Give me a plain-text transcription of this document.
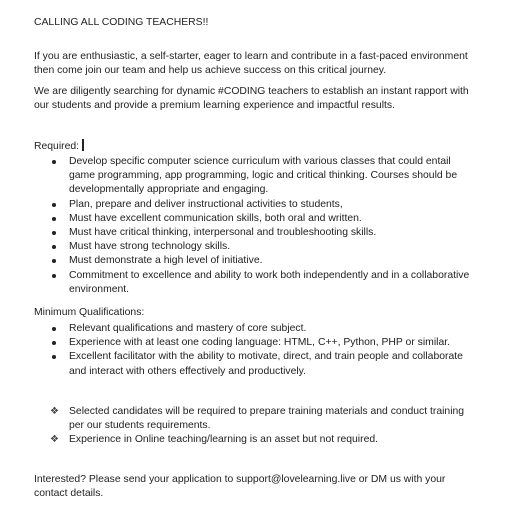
CALLING ALL CODING TEACHERS!!
If you are enthusiastic, a self-starter, eager to learn and contribute in a fast-paced environment then come join our team and help us achieve success on this critical journey.
We are diligently searching for dynamic #CODING teachers to establish an instant rapport with our students and provide a premium learning experience and impactful results.
Required:
Develop specific computer science curriculum with various classes that could entail game programming, app programming, logic and critical thinking. Courses should be developmentally appropriate and engaging.
Plan, prepare and deliver instructional activities to students,
Must have excellent communication skills, both oral and written.
Must have critical thinking, interpersonal and troubleshooting skills.
Must have strong technology skills.
Must demonstrate a high level of initiative.
Commitment to excellence and ability to work both independently and in a collaborative environment.
Minimum Qualifications:
Relevant qualifications and mastery of core subject.
Experience with at least one coding language: HTML, C++, Python, PHP or similar.
Excellent facilitator with the ability to motivate, direct, and train people and collaborate and interact with others effectively and productively.
❖ Selected candidates will be required to prepare training materials and conduct training per our students requirements.
❖ Experience in Online teaching/learning is an asset but not required.
Interested? Please send your application to support@lovelearning.live or DM us with your contact details.
